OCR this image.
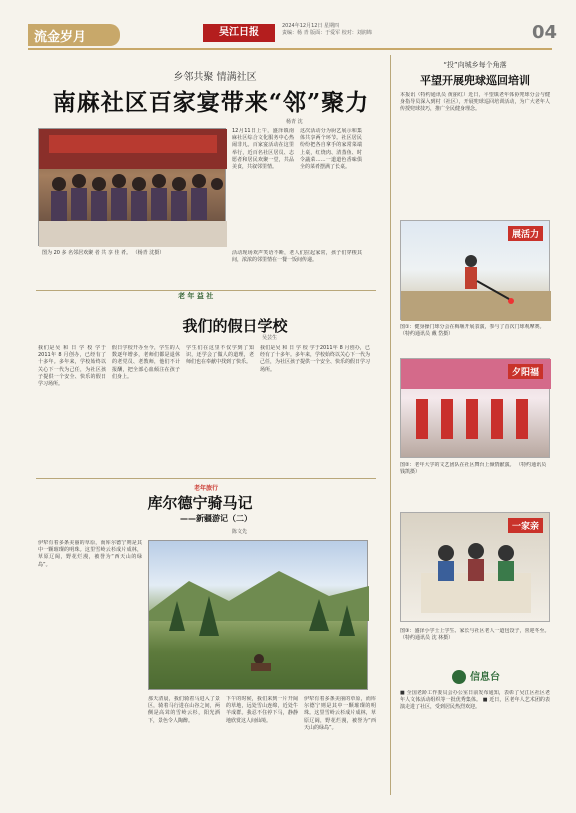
流金岁月	吴江日报
2024年12月12日 星期四
责编：杨 青 版面：于爱军 校对：刘润锦	04
乡邻共聚 情满社区
南麻社区百家宴带来“邻”聚力
杨青 沈
图为 20 多 名邻居欢聚 者 共 享 佳 肴。 （杨青 沈摄）
12月11日上午，盛泽镇南麻社区综合文化服务中心热闹非凡。百家宴活动在这里举行，近百名社区居员、志愿者和居民欢聚一堂，共品美食，共叙邻里情。
这次活动分为厨艺展示和集体共享两个环节。社区居民纷纷把各自拿手的家常菜端上桌，红烧肉、清蒸鱼、时令蔬菜……一道道色香味俱全的菜肴摆满了长桌。
活动现场欢声笑语不断，老人们拉起家常，孩子们穿梭其间，浓浓的邻里情在一餐一饭间传递。
“投”向城乡每个角落
平望开展兜球巡回培训
本报讯（特约通讯员 黄丽红）近日，平望镇老年体协兜球分会与健身指导员深入到村（社区），开展兜球巡回培训活动，为广大老年人传授兜球技巧，推广全民健身理念。
展活力
图①：健身操门球分会在梅堰开展表演，参与了首次门球观摩赛。 （特约通讯员 戴 岱摄）
夕阳福
图②：老年大学的文艺团队在社区舞台上倾情献演。 （特约通讯员 钱凯摄）
一家亲
图③：盛泽小学士上学生、家长与社区老人一道包饺子，喜迎冬至。 （特约通讯员 沈 林摄）
老 年 益 社
我们的假日学校
吴芸生
我们是吴 和 日 学 校 学于2011年 8 月创办，已经有了十多年。多年来，学校始终以关心下一代为己任，为社区孩子提供一个安全、快乐的假日学习场所。
假日学校开办至今，学生的人数逐年增多，老师们都是退休的老党员、老教师，他们不计报酬，把全部心血倾注在孩子们身上。
学生们在这里不仅学到了知识，还学会了做人的道理，老师们也在奉献中找到了快乐。
我们是吴 和 日 学 校 学于2011年 8 月创办，已经有了十多年。多年来，学校始终以关心下一代为己任，为社区孩子提供一个安全、快乐的假日学习场所。
老年旅行
库尔德宁骑马记
——新疆游记（二）
陈文先
伊犁有着多条美丽的草原，而库尔德宁则是其中一颗璀璨的明珠。这里雪岭云杉成片成林，草原辽阔，野花烂漫，被誉为“西天山的绿岛”。
那天清晨，我们骑着马进入了景区，骑着马行进在山谷之间，两侧是高耸的雪岭云杉，阳光洒下，景色令人陶醉。
下午的时候，我们来到一片开阔的草地，远处雪山连绵，近处牛羊成群。我忍不住停下马，静静地欣赏这人间仙境。
伊犁有着多条美丽的草原，而库尔德宁则是其中一颗璀璨的明珠。这里雪岭云杉成片成林，草原辽阔，野花烂漫，被誉为“西天山的绿岛”。
信息台
■ 全国老龄工作委员会办公室日前发布通知，表彰了吴江区社区老年人文体活动组织等一批优秀集体。 ■ 近日，区老年人艺术团的表演走进了社区，受到居民热烈欢迎。
